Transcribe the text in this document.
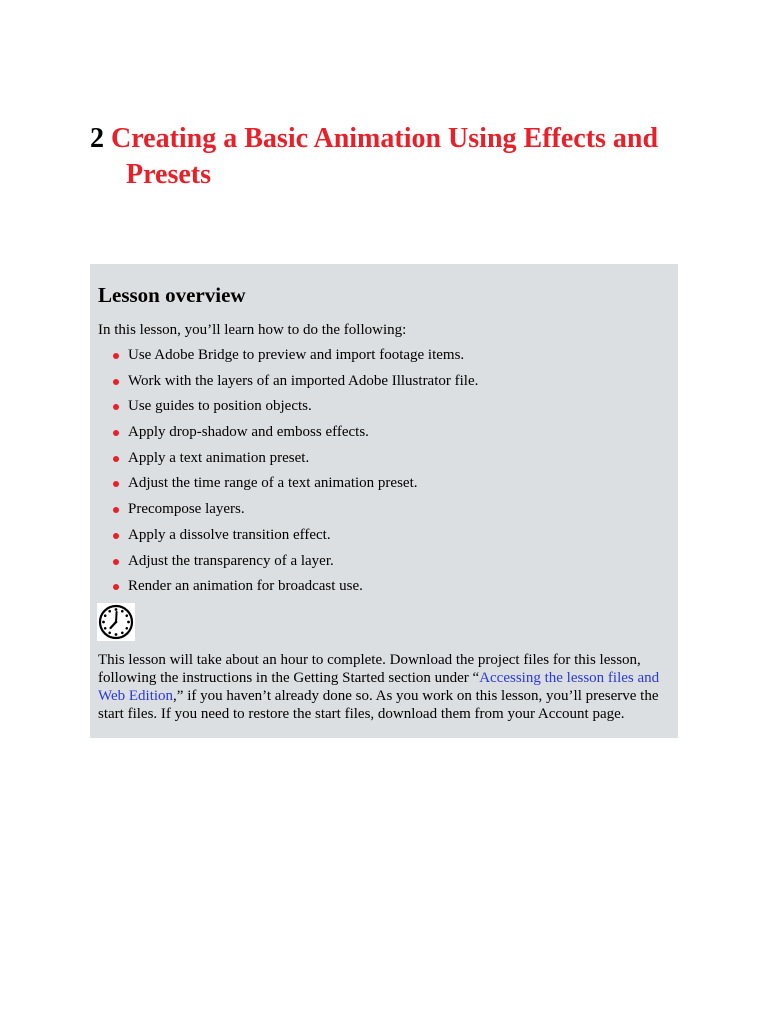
2 Creating a Basic Animation Using Effects and
Presets
Lesson overview

In this lesson, you’ll learn how to do the following:

Use Adobe Bridge to preview and import footage items.
Work with the layers of an imported Adobe Illustrator file.
Use guides to position objects.
Apply drop-shadow and emboss effects.
Apply a text animation preset.
Adjust the time range of a text animation preset.
Precompose layers.
Apply a dissolve transition effect.
Adjust the transparency of a layer.
Render an animation for broadcast use.

This lesson will take about an hour to complete. Download the project files for this lesson, following the instructions in the Getting Started section under “Accessing the lesson files and Web Edition,” if you haven’t already done so. As you work on this lesson, you’ll preserve the start files. If you need to restore the start files, download them from your Account page.
